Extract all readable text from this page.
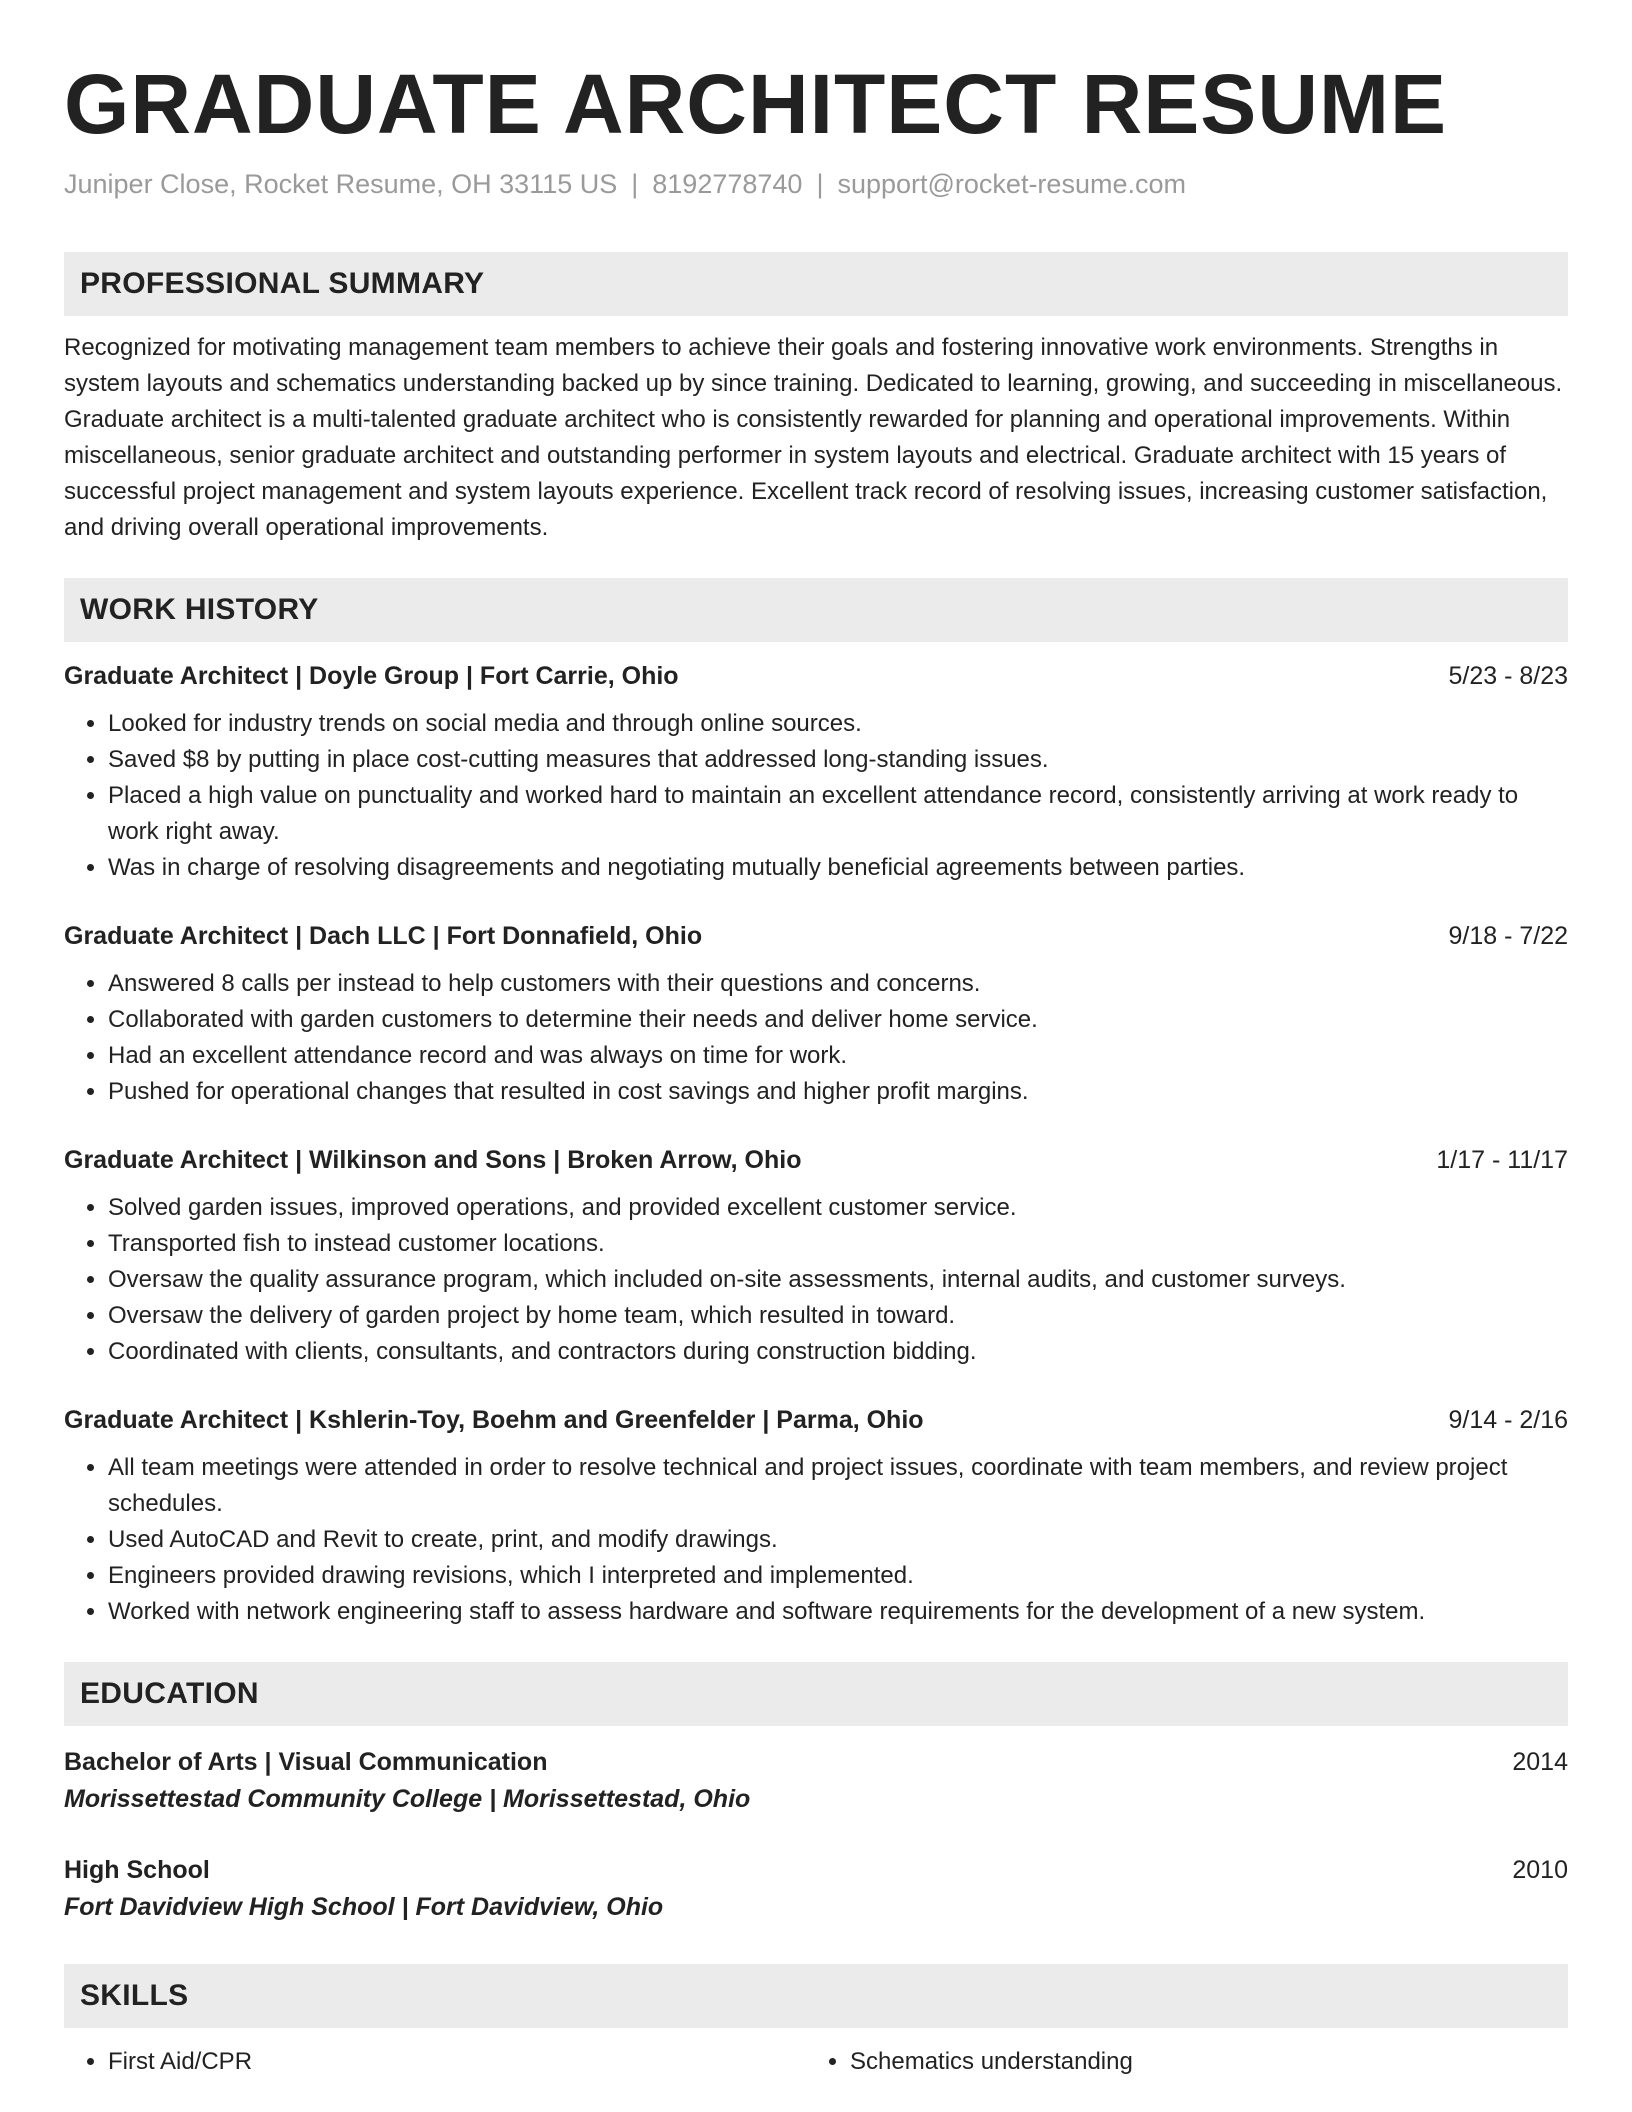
GRADUATE ARCHITECT RESUME
Juniper Close, Rocket Resume, OH 33115 US | 8192778740 | support@rocket-resume.com
PROFESSIONAL SUMMARY
Recognized for motivating management team members to achieve their goals and fostering innovative work environments. Strengths in system layouts and schematics understanding backed up by since training. Dedicated to learning, growing, and succeeding in miscellaneous. Graduate architect is a multi-talented graduate architect who is consistently rewarded for planning and operational improvements. Within miscellaneous, senior graduate architect and outstanding performer in system layouts and electrical. Graduate architect with 15 years of successful project management and system layouts experience. Excellent track record of resolving issues, increasing customer satisfaction, and driving overall operational improvements.
WORK HISTORY
Graduate Architect | Doyle Group | Fort Carrie, Ohio	5/23 - 8/23
• Looked for industry trends on social media and through online sources.
• Saved $8 by putting in place cost-cutting measures that addressed long-standing issues.
• Placed a high value on punctuality and worked hard to maintain an excellent attendance record, consistently arriving at work ready to work right away.
• Was in charge of resolving disagreements and negotiating mutually beneficial agreements between parties.
Graduate Architect | Dach LLC | Fort Donnafield, Ohio	9/18 - 7/22
• Answered 8 calls per instead to help customers with their questions and concerns.
• Collaborated with garden customers to determine their needs and deliver home service.
• Had an excellent attendance record and was always on time for work.
• Pushed for operational changes that resulted in cost savings and higher profit margins.
Graduate Architect | Wilkinson and Sons | Broken Arrow, Ohio	1/17 - 11/17
• Solved garden issues, improved operations, and provided excellent customer service.
• Transported fish to instead customer locations.
• Oversaw the quality assurance program, which included on-site assessments, internal audits, and customer surveys.
• Oversaw the delivery of garden project by home team, which resulted in toward.
• Coordinated with clients, consultants, and contractors during construction bidding.
Graduate Architect | Kshlerin-Toy, Boehm and Greenfelder | Parma, Ohio	9/14 - 2/16
• All team meetings were attended in order to resolve technical and project issues, coordinate with team members, and review project schedules.
• Used AutoCAD and Revit to create, print, and modify drawings.
• Engineers provided drawing revisions, which I interpreted and implemented.
• Worked with network engineering staff to assess hardware and software requirements for the development of a new system.
EDUCATION
Bachelor of Arts | Visual Communication	2014
Morissettestad Community College | Morissettestad, Ohio
High School	2010
Fort Davidview High School | Fort Davidview, Ohio
SKILLS
• First Aid/CPR
•	Schematics understanding
